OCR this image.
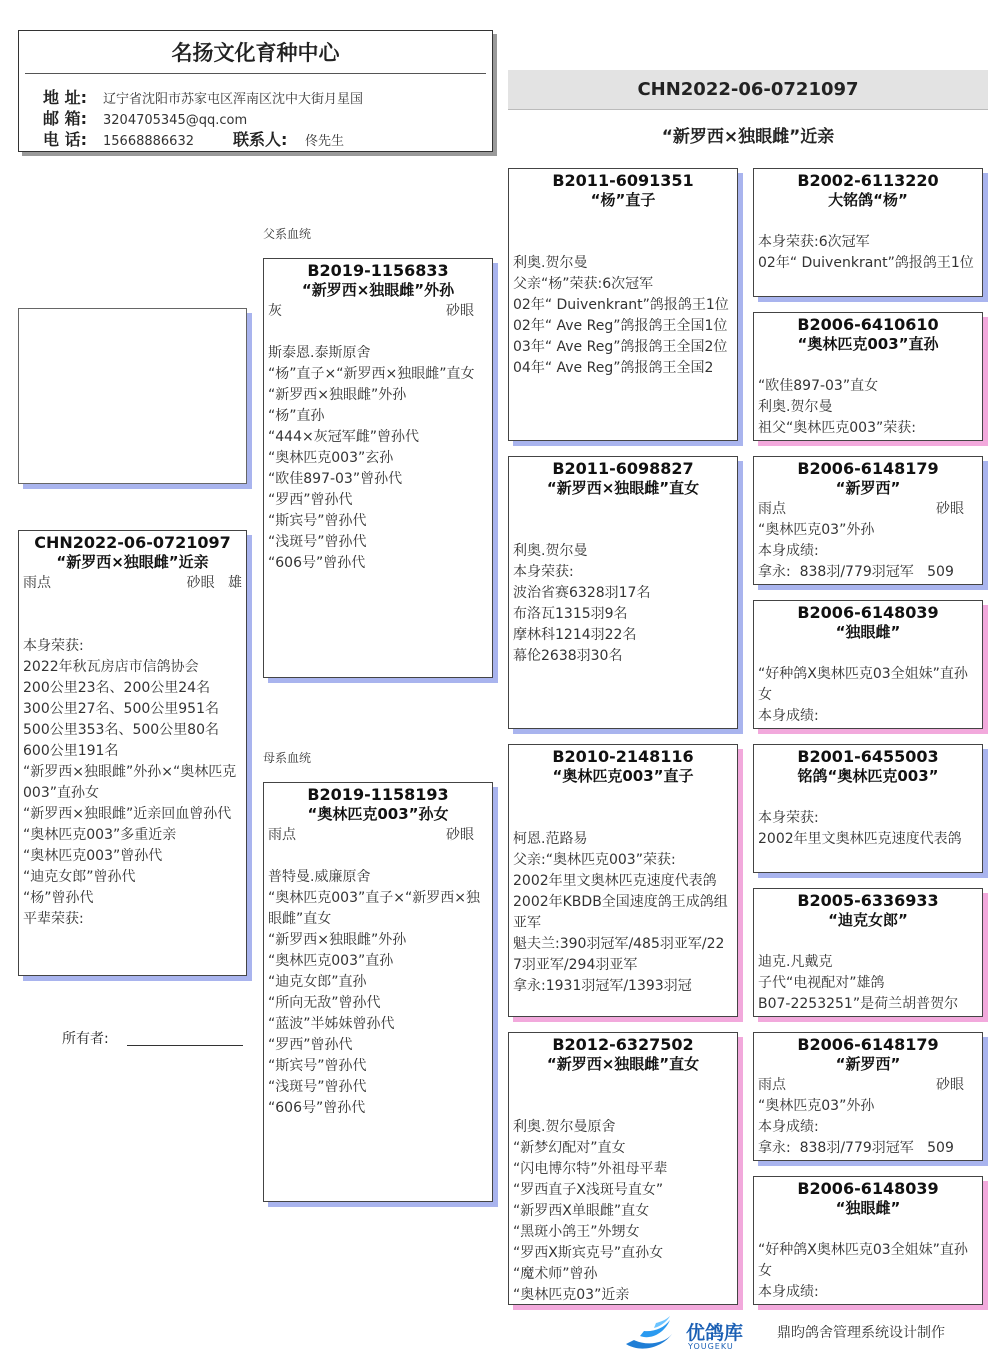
名扬文化育种中心
地 址:	辽宁省沈阳市苏家屯区浑南区沈中大街月星国
邮 箱:	3204705345@qq.com
电 话:	15668886632	联系人:	佟先生
CHN2022-06-0721097
“新罗西×独眼雌”近亲
CHN2022-06-0721097
“新罗西×独眼雌”近亲
雨点	砂眼 雄
本身荣获:
2022年秋瓦房店市信鸽协会
200公里23名、200公里24名
300公里27名、500公里951名
500公里353名、500公里80名
600公里191名
“新罗西×独眼雌”外孙×“奥林匹克003”直孙女
“新罗西×独眼雌”近亲回血曾孙代
“奥林匹克003”多重近亲
“奥林匹克003”曾孙代
“迪克女郎”曾孙代
“杨”曾孙代
平辈荣获:
所有者:
父系血统
母系血统
B2019-1156833
“新罗西×独眼雌”外孙
灰	砂眼
斯泰恩.泰斯原舍
“杨”直子×“新罗西×独眼雌”直女
“新罗西×独眼雌”外孙
“杨”直孙
“444×灰冠军雌”曾孙代
“奥林匹克003”玄孙
“欧佳897-03”曾孙代
“罗西”曾孙代
“斯宾号”曾孙代
“浅斑号”曾孙代
“606号”曾孙代
B2019-1158193
“奥林匹克003”孙女
雨点	砂眼
普特曼.威廉原舍
“奥林匹克003”直子×“新罗西×独眼雌”直女
“新罗西×独眼雌”外孙
“奥林匹克003”直孙
“迪克女郎”直孙
“所向无敌”曾孙代
“蓝波”半姊妹曾孙代
“罗西”曾孙代
“斯宾号”曾孙代
“浅斑号”曾孙代
“606号”曾孙代
B2011-6091351
“杨”直子
利奥.贺尔曼
父亲“杨”荣获:6次冠军
02年“ Duivenkrant”鸽报鸽王1位
02年“ Ave Reg”鸽报鸽王全国1位
03年“ Ave Reg”鸽报鸽王全国2位
04年“ Ave Reg”鸽报鸽王全国2
B2011-6098827
“新罗西×独眼雌”直女
利奥.贺尔曼
本身荣获:
波治省赛6328羽17名
布洛瓦1315羽9名
摩林科1214羽22名
幕伦2638羽30名
B2010-2148116
“奥林匹克003”直子
柯恩.范路易
父亲:“奥林匹克003”荣获:
2002年里文奥林匹克速度代表鸽
2002年KBDB全国速度鸽王成鸽组亚军
魁夫兰:390羽冠军/485羽亚军/227羽亚军/294羽亚军
拿永:1931羽冠军/1393羽冠
B2012-6327502
“新罗西×独眼雌”直女
利奥.贺尔曼原舍
“新梦幻配对”直女
“闪电博尔特”外祖母平辈
“罗西直子X浅斑号直女”
“新罗西X单眼雌”直女
“黑斑小鸽王”外甥女
“罗西X斯宾克号”直孙女
“魔术师”曾孙
“奥林匹克03”近亲
B2002-6113220
大铭鸽“杨”
本身荣获:6次冠军
02年“ Duivenkrant”鸽报鸽王1位
B2006-6410610
“奥林匹克003”直孙
“欧佳897-03”直女
利奥.贺尔曼
祖父“奥林匹克003”荣获:
B2006-6148179
“新罗西”
雨点	砂眼
“奥林匹克03”外孙
本身成绩:
拿永:  838羽/779羽冠军   509
B2006-6148039
“独眼雌”
“好种鸽X奥林匹克03全姐妹”直孙女
本身成绩:
B2001-6455003
铭鸽“奥林匹克003”
本身荣获:
2002年里文奥林匹克速度代表鸽
B2005-6336933
“迪克女郎”
迪克.凡戴克
子代“电视配对”雄鸽
B07-2253251”是荷兰胡普贺尔
B2006-6148179
“新罗西”
雨点	砂眼
“奥林匹克03”外孙
本身成绩:
拿永:  838羽/779羽冠军   509
B2006-6148039
“独眼雌”
“好种鸽X奥林匹克03全姐妹”直孙女
本身成绩:
优鸽库
YOUGEKU
鼎昀鸽舍管理系统设计制作
